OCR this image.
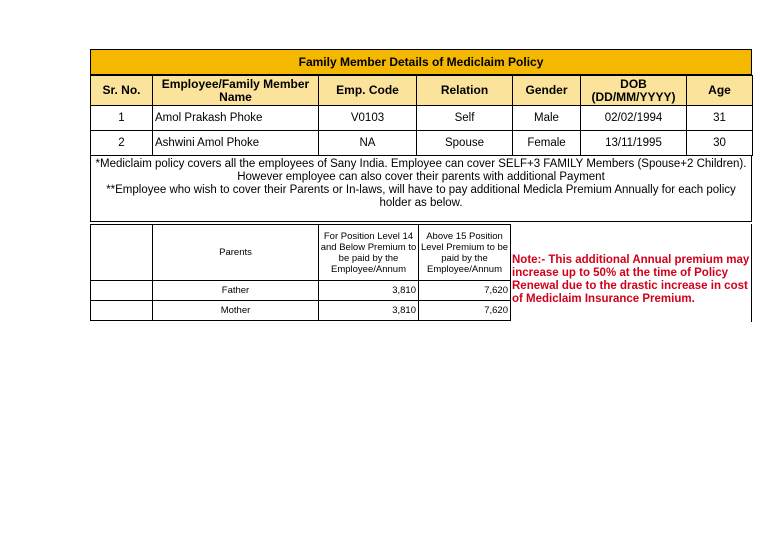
Family Member Details of Mediclaim Policy
Sr. No.	Employee/Family Member Name	Emp. Code	Relation	Gender	DOB (DD/MM/YYYY)	Age
1	Amol Prakash Phoke	V0103	Self	Male	02/02/1994	31
2	Ashwini Amol Phoke	NA	Spouse	Female	13/11/1995	30

*Mediclaim policy covers all the employees of Sany India. Employee can cover SELF+3 FAMILY Members (Spouse+2 Children). However employee can also cover their parents with additional Payment

**Employee who wish to cover their Parents or In-laws, will have to pay additional Medicla Premium Annually for each policy holder as below.

	Parents	For Position Level 14 and Below Premium to be paid by the Employee/Annum	Above 15 Position Level Premium to be paid by the Employee/Annum
	Father	3,810	7,620
	Mother	3,810	7,620
Note:- This additional Annual premium may increase up to 50% at the time of Policy Renewal due to the drastic increase in cost of Mediclaim Insurance Premium.
